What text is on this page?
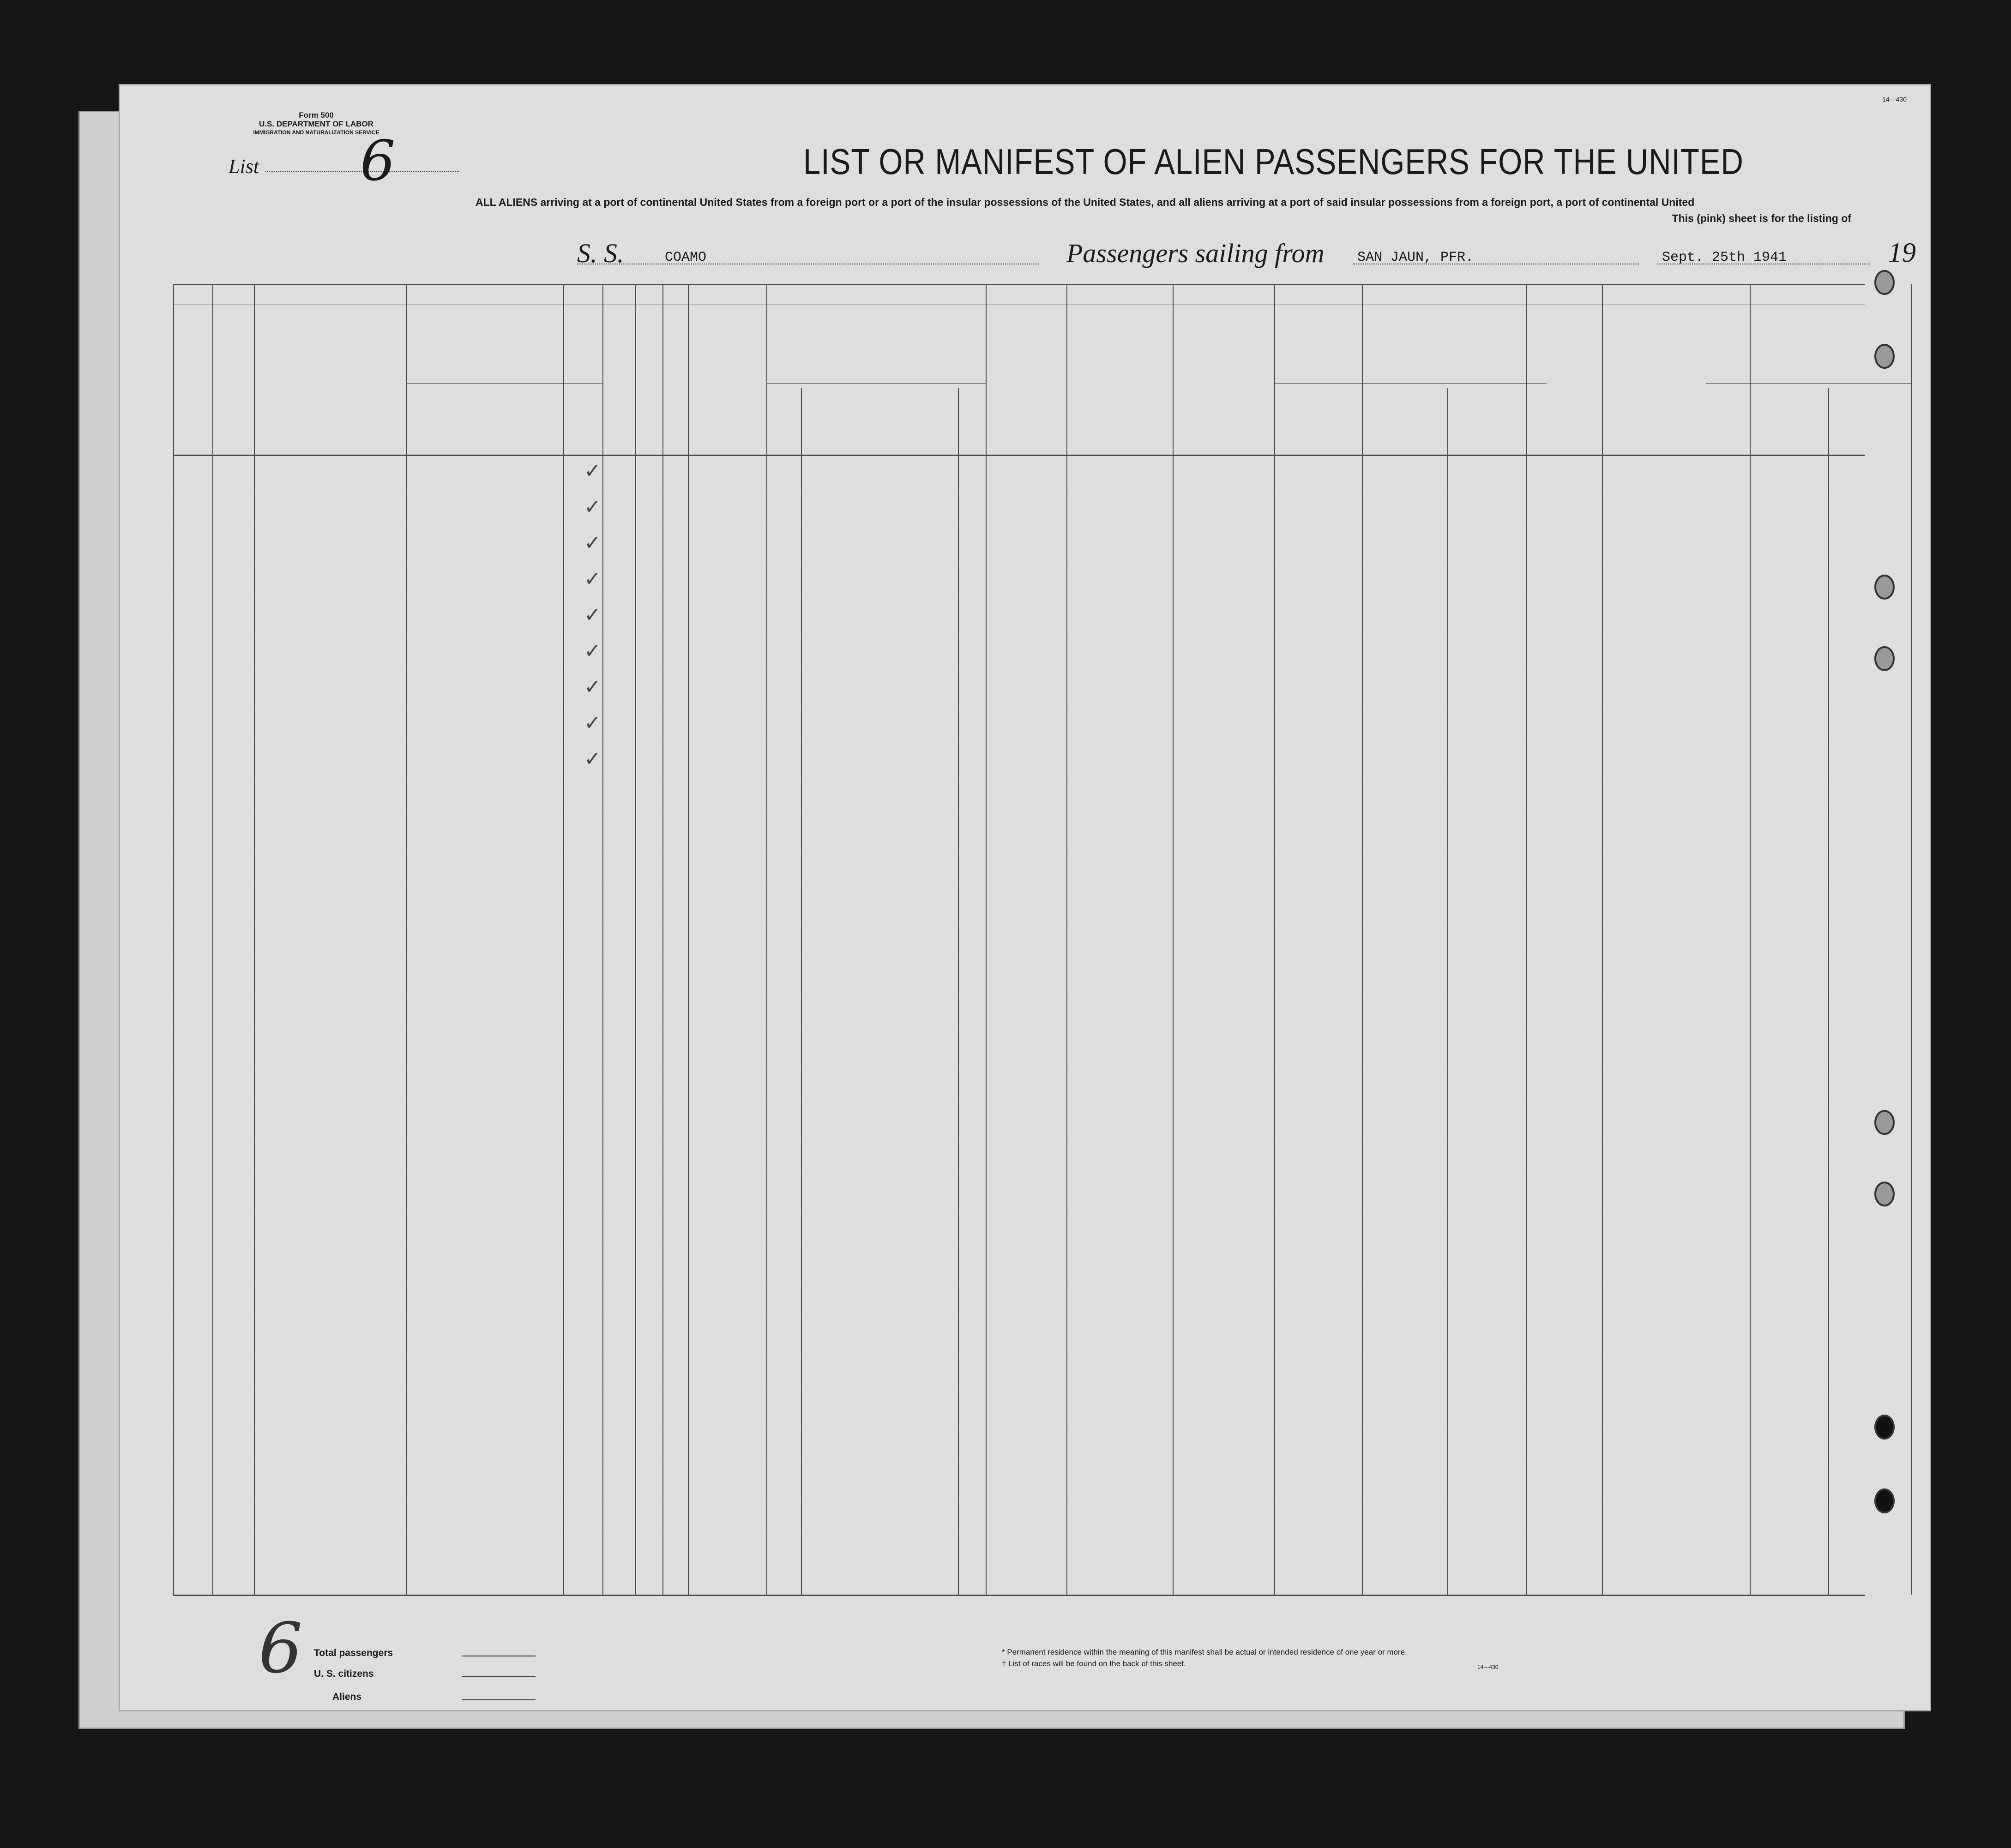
Form 500
U.S. DEPARTMENT OF LABOR
IMMIGRATION AND NATURALIZATION SERVICE
List 6	LIST OR MANIFEST OF ALIEN PASSENGERS FOR THE UNITED
ALL ALIENS arriving at a port of continental United States from a foreign port or a port of the insular possessions of the United States, and all aliens arriving at a port of said insular possessions from a foreign port, a port of continental United
This (pink) sheet is for the listing of
14—430
S. S.	COAMO	Passengers sailing from SAN JAUN, PFR.	Sept. 25th 1941	19
✓
✓
✓
✓
✓
✓
✓
✓
✓
Total passengers
U. S. citizens
Aliens
* Permanent residence within the meaning of this manifest shall be actual or intended residence of one year or more.
† List of races will be found on the back of this sheet.	14—430
6
